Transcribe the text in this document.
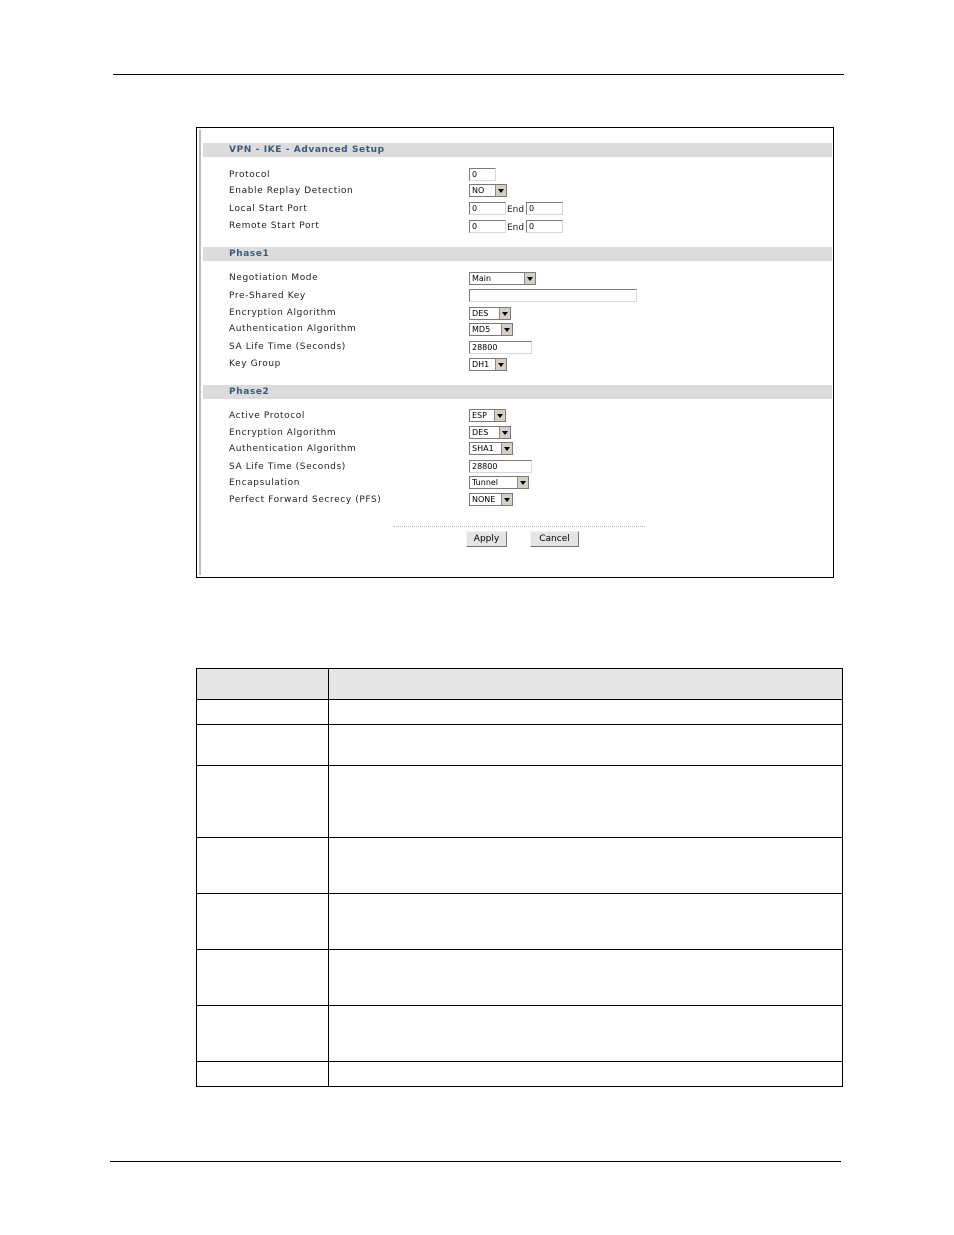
VPN - IKE - Advanced Setup
Protocol	0
Enable Replay Detection	NO
Local Start Port	0	End 0
Remote Start Port	0	End 0
Phase1
Negotiation Mode	Main
Pre-Shared Key
Encryption Algorithm	DES
Authentication Algorithm	MD5
SA Life Time (Seconds)	28800
Key Group	DH1
Phase2
Active Protocol	ESP
Encryption Algorithm	DES
Authentication Algorithm	SHA1
SA Life Time (Seconds)	28800
Encapsulation	Tunnel
Perfect Forward Secrecy (PFS)	NONE
Apply	Cancel
